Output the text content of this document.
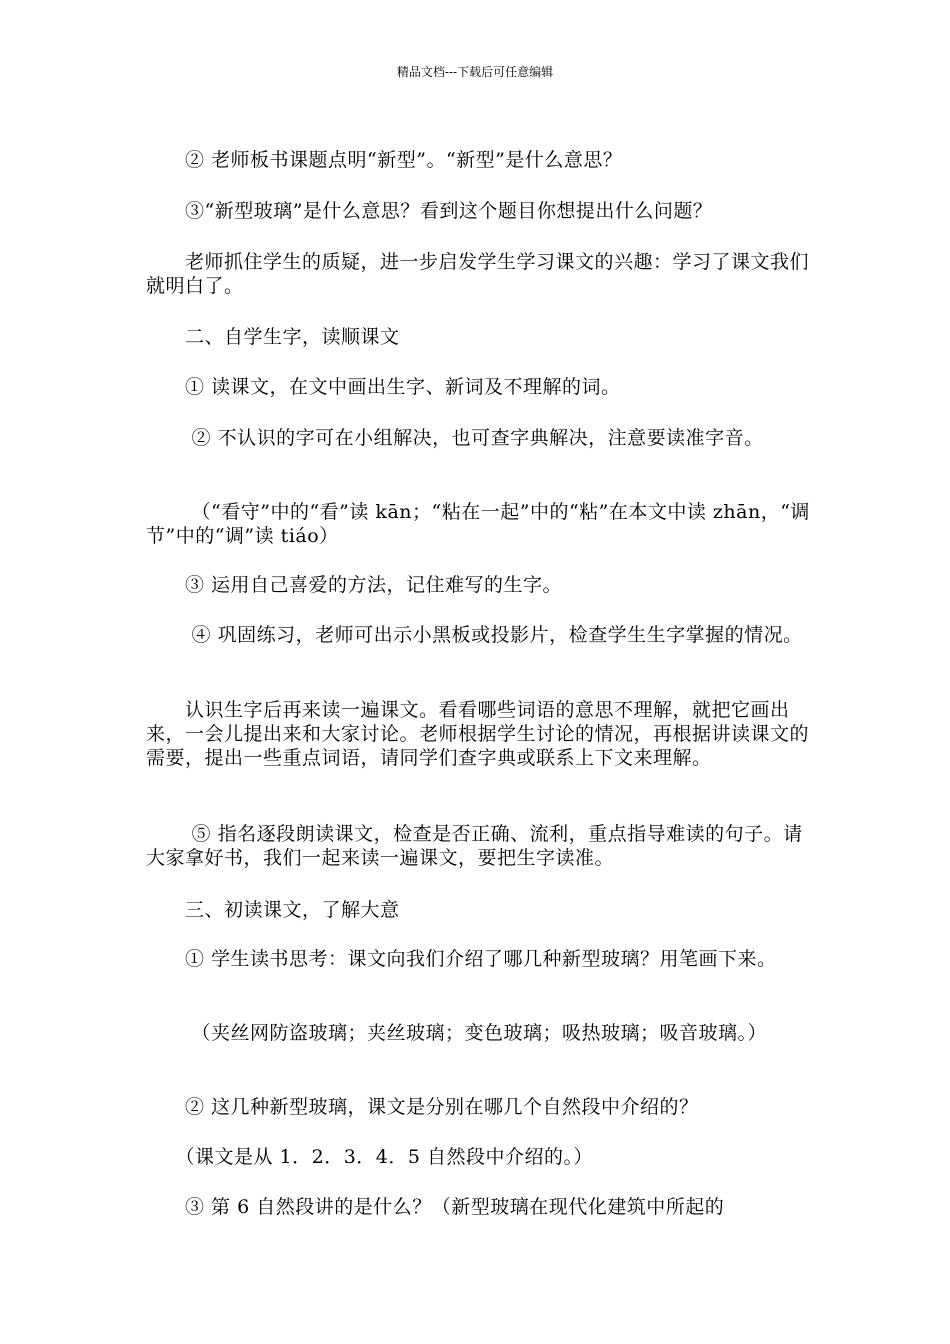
精品文档---下载后可任意编辑
　　② 老师板书课题点明“新型”。“新型”是什么意思？
　　③“新型玻璃”是什么意思？看到这个题目你想提出什么问题？
　　老师抓住学生的质疑，进一步启发学生学习课文的兴趣：学习了课文我们就明白了。
　　二、自学生字，读顺课文
　　① 读课文，在文中画出生字、新词及不理解的词。
　　 ② 不认识的字可在小组解决，也可查字典解决，注意要读准字音。
　　 （“看守”中的“看”读 kān；“粘在一起”中的“粘”在本文中读 zhān，“调节”中的“调”读 tiáo）
　　③ 运用自己喜爱的方法，记住难写的生字。
　　 ④ 巩固练习，老师可出示小黑板或投影片，检查学生生字掌握的情况。
　　认识生字后再来读一遍课文。看看哪些词语的意思不理解，就把它画出来，一会儿提出来和大家讨论。老师根据学生讨论的情况，再根据讲读课文的需要，提出一些重点词语，请同学们查字典或联系上下文来理解。
　　 ⑤ 指名逐段朗读课文，检查是否正确、流利，重点指导难读的句子。请大家拿好书，我们一起来读一遍课文，要把生字读准。
　　三、初读课文，了解大意
　　① 学生读书思考：课文向我们介绍了哪几种新型玻璃？用笔画下来。
　　 （夹丝网防盗玻璃；夹丝玻璃；变色玻璃；吸热玻璃；吸音玻璃。）
　　② 这几种新型玻璃，课文是分别在哪几个自然段中介绍的？
　　（课文是从 1．2．3．4．5 自然段中介绍的。）
　　③ 第 6 自然段讲的是什么？（新型玻璃在现代化建筑中所起的
